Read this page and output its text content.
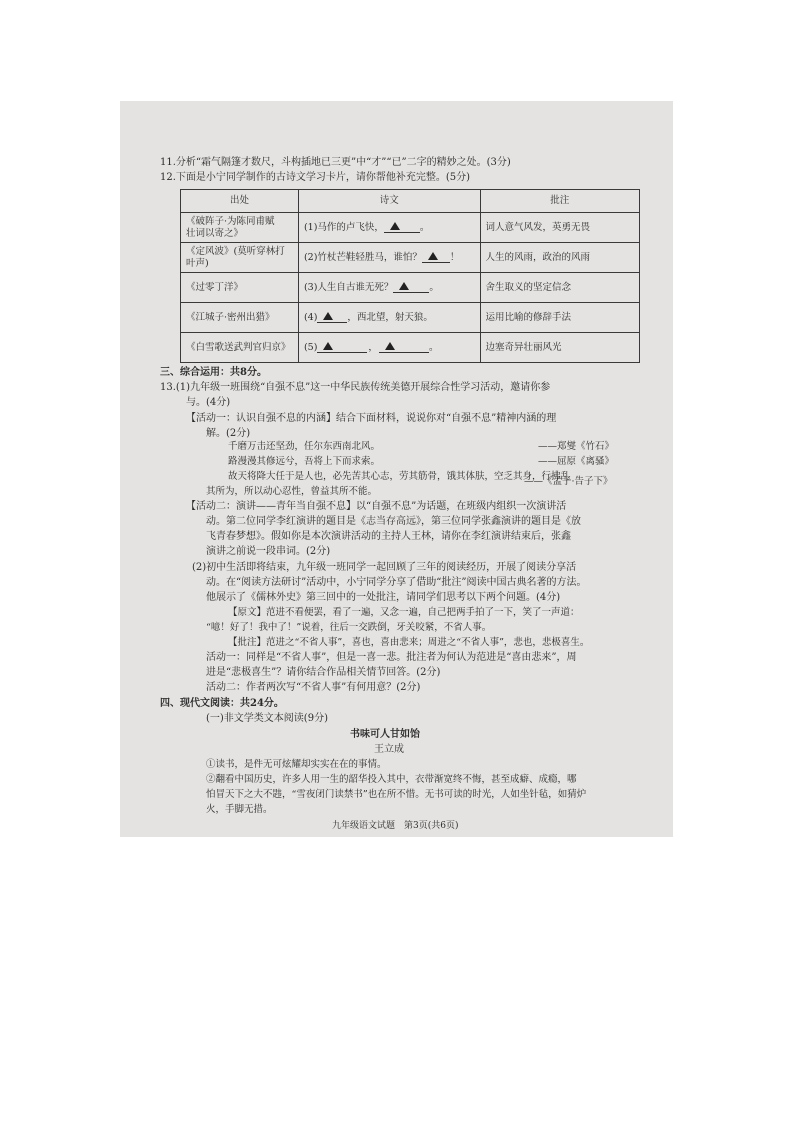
11.分析“霜气隔篷才数尺，斗构插地已三更”中“才”“已”二字的精妙之处。(3分)
12.下面是小宁同学制作的古诗文学习卡片，请你帮他补充完整。(5分)
出处	诗文	批注

《破阵子·为陈同甫赋
壮词以寄之》	(1)马作的卢飞快， 。	词人意气风发，英勇无畏

《定风波》(莫听穿林打
叶声)	(2)竹杖芒鞋轻胜马，谁怕？ ！	人生的风雨，政治的风雨

《过零丁洋》	(3)人生自古谁无死？ 。	舍生取义的坚定信念

《江城子·密州出猎》	(4) ，西北望，射天狼。	运用比喻的修辞手法

《白雪歌送武判官归京》	(5) ， 。	边塞奇异壮丽风光
三、综合运用：共8分。
13.(1)九年级一班围绕“自强不息”这一中华民族传统美德开展综合性学习活动，邀请你参
与。(4分)
【活动一：认识自强不息的内涵】结合下面材料，说说你对“自强不息”精神内涵的理
解。(2分)
千磨万击还坚劲，任尔东西南北风。	——郑燮《竹石》
路漫漫其修远兮，吾将上下而求索。	——屈原《离骚》
故天将降大任于是人也，必先苦其心志，劳其筋骨，饿其体肤，空乏其身，行拂乱
其所为，所以动心忍性，曾益其所不能。
——《孟子·告子下》
【活动二：演讲——青年当自强不息】以“自强不息”为话题，在班级内组织一次演讲活
动。第二位同学李红演讲的题目是《志当存高远》，第三位同学张鑫演讲的题目是《放
飞青春梦想》。假如你是本次演讲活动的主持人王林，请你在李红演讲结束后，张鑫
演讲之前说一段串词。(2分)
(2)初中生活即将结束，九年级一班同学一起回顾了三年的阅读经历，开展了阅读分享活
动。在“阅读方法研讨”活动中，小宁同学分享了借助“批注”阅读中国古典名著的方法。
他展示了《儒林外史》第三回中的一处批注，请同学们思考以下两个问题。(4分)
【原文】范进不看便罢，看了一遍，又念一遍，自己把两手拍了一下，笑了一声道：
“噫！好了！我中了！”说着，往后一交跌倒，牙关咬紧，不省人事。
【批注】范进之“不省人事”，喜也，喜由悲来；周进之“不省人事”，悲也，悲极喜生。
活动一：同样是“不省人事”，但是一喜一悲。批注者为何认为范进是“喜由悲来”，周
进是“悲极喜生”？请你结合作品相关情节回答。(2分)
活动二：作者两次写“不省人事”有何用意？(2分)
四、现代文阅读：共24分。
(一)非文学类文本阅读(9分)
书味可人甘如饴
王立成
①读书，是件无可炫耀却实实在在的事情。
②翻看中国历史，许多人用一生的韶华投入其中，衣带渐宽终不悔，甚至成癖、成瘾，哪
怕冒天下之大不韪，“雪夜闭门读禁书”也在所不惜。无书可读的时光，人如坐针毡，如猜炉
火，手脚无措。
九年级语文试题　第3页(共6页)
